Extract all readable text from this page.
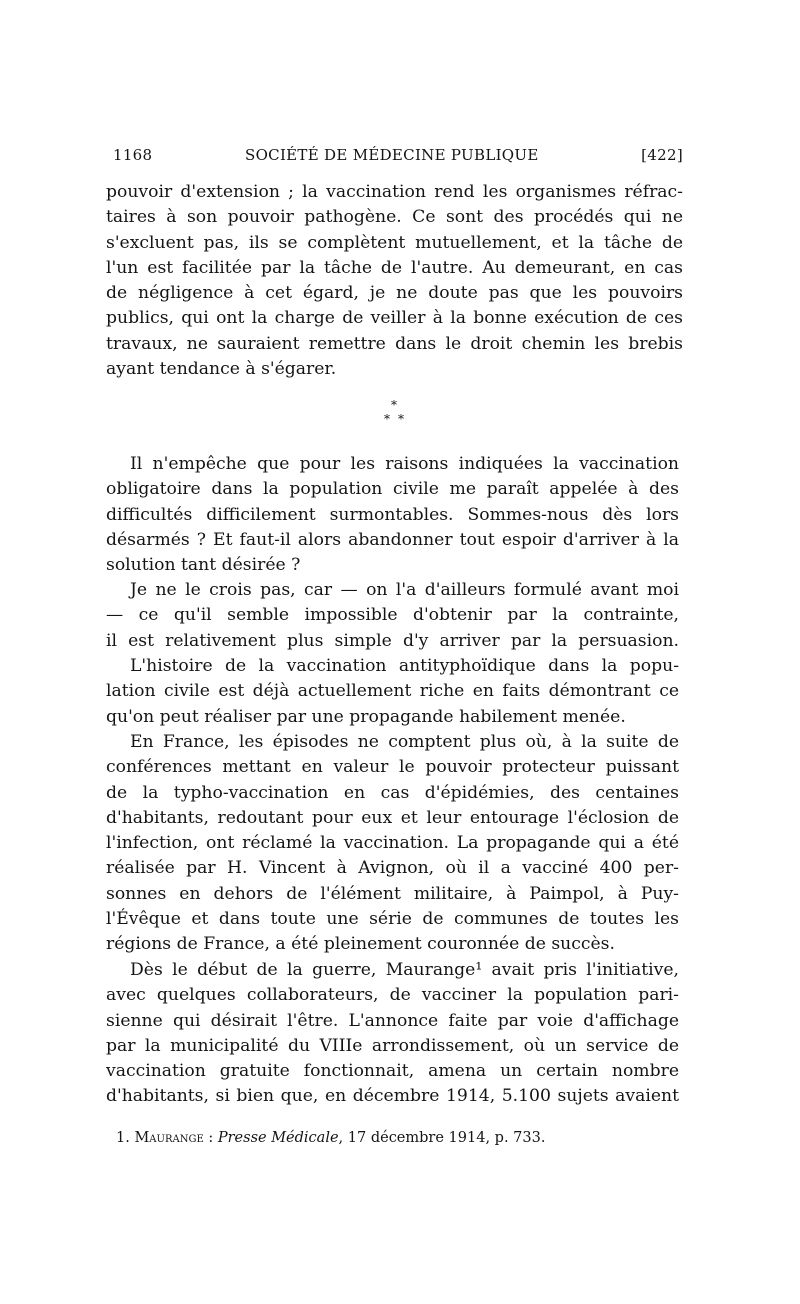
1168	SOCIÉTÉ DE MÉDECINE PUBLIQUE	[422]
pouvoir d'extension ; la vaccination rend les organismes réfrac-
taires à son pouvoir pathogène. Ce sont des procédés qui ne
s'excluent pas, ils se complètent mutuellement, et la tâche de
l'un est facilitée par la tâche de l'autre. Au demeurant, en cas
de négligence à cet égard, je ne doute pas que les pouvoirs
publics, qui ont la charge de veiller à la bonne exécution de ces
travaux, ne sauraient remettre dans le droit chemin les brebis
ayant tendance à s'égarer.
*
* *
Il n'empêche que pour les raisons indiquées la vaccination
obligatoire dans la population civile me paraît appelée à des
difficultés difficilement surmontables. Sommes-nous dès lors
désarmés ? Et faut-il alors abandonner tout espoir d'arriver à la
solution tant désirée ?
Je ne le crois pas, car — on l'a d'ailleurs formulé avant moi
— ce qu'il semble impossible d'obtenir par la contrainte,
il est relativement plus simple d'y arriver par la persuasion.
L'histoire de la vaccination antityphoïdique dans la popu-
lation civile est déjà actuellement riche en faits démontrant ce
qu'on peut réaliser par une propagande habilement menée.
En France, les épisodes ne comptent plus où, à la suite de
conférences mettant en valeur le pouvoir protecteur puissant
de la typho-vaccination en cas d'épidémies, des centaines
d'habitants, redoutant pour eux et leur entourage l'éclosion de
l'infection, ont réclamé la vaccination. La propagande qui a été
réalisée par H. Vincent à Avignon, où il a vacciné 400 per-
sonnes en dehors de l'élément militaire, à Paimpol, à Puy-
l'Évêque et dans toute une série de communes de toutes les
régions de France, a été pleinement couronnée de succès.
Dès le début de la guerre, Maurange¹ avait pris l'initiative,
avec quelques collaborateurs, de vacciner la population pari-
sienne qui désirait l'être. L'annonce faite par voie d'affichage
par la municipalité du VIIIe arrondissement, où un service de
vaccination gratuite fonctionnait, amena un certain nombre
d'habitants, si bien que, en décembre 1914, 5.100 sujets avaient
1. Maurange : Presse Médicale, 17 décembre 1914, p. 733.
